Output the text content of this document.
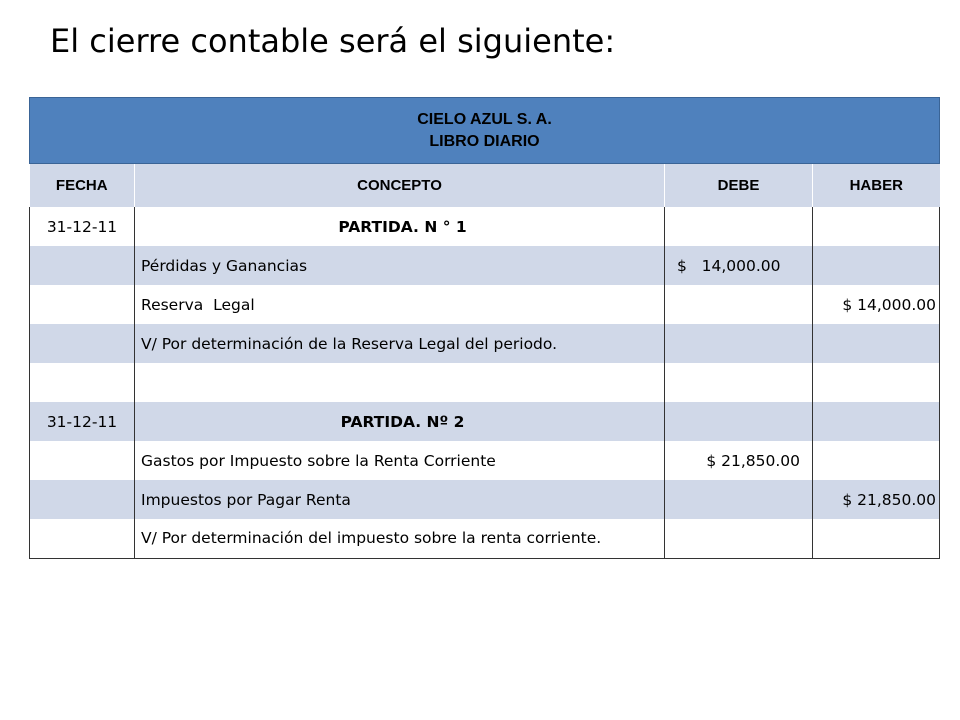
El cierre contable será el siguiente:
CIELO AZUL S. A.
LIBRO DIARIO			

FECHA	CONCEPTO	DEBE	HABER
31-12-11	PARTIDA. N ° 1		
	Pérdidas y Ganancias	$   14,000.00	
	Reserva  Legal		$ 14,000.00
	V/ Por determinación de la Reserva Legal del periodo.		

31-12-11	PARTIDA. Nº 2		
	Gastos por Impuesto sobre la Renta Corriente	$ 21,850.00	
	Impuestos por Pagar Renta		$ 21,850.00
	V/ Por determinación del impuesto sobre la renta corriente.		
